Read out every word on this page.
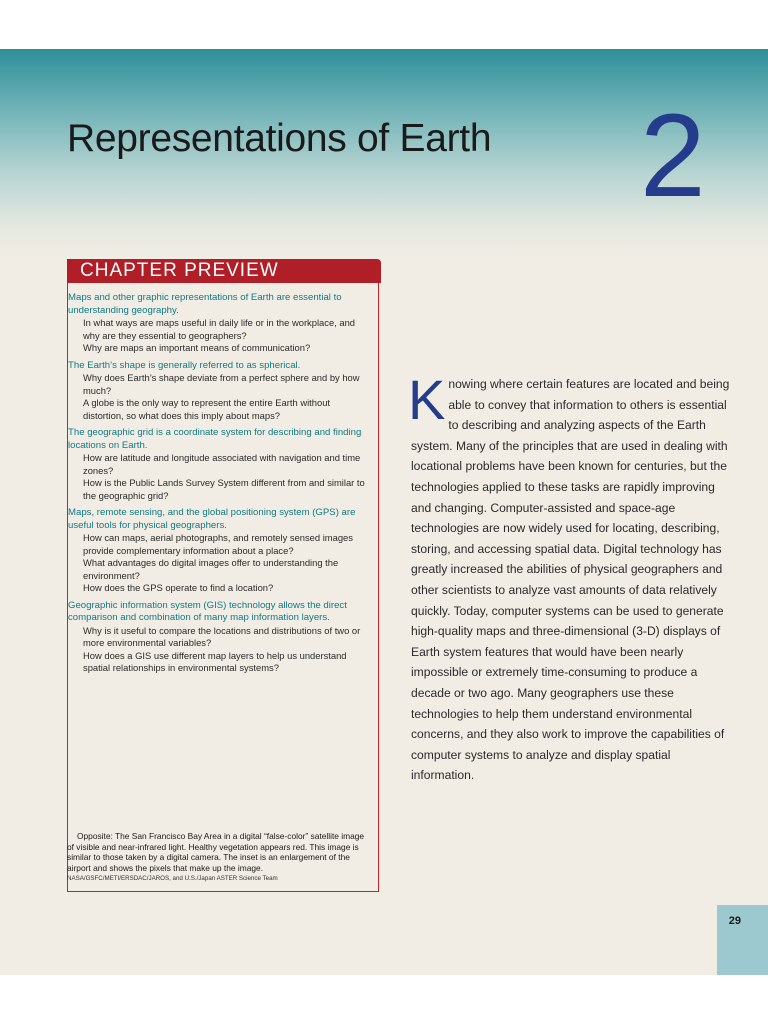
Representations of Earth 2
CHAPTER PREVIEW
Maps and other graphic representations of Earth are essential to understanding geography.
In what ways are maps useful in daily life or in the workplace, and why are they essential to geographers?
Why are maps an important means of communication?
The Earth’s shape is generally referred to as spherical.
Why does Earth’s shape deviate from a perfect sphere and by how much?
A globe is the only way to represent the entire Earth without distortion, so what does this imply about maps?
The geographic grid is a coordinate system for describing and finding locations on Earth.
How are latitude and longitude associated with navigation and time zones?
How is the Public Lands Survey System different from and similar to the geographic grid?
Maps, remote sensing, and the global positioning system (GPS) are useful tools for physical geographers.
How can maps, aerial photographs, and remotely sensed images provide complementary information about a place?
What advantages do digital images offer to understanding the environment?
How does the GPS operate to find a location?
Geographic information system (GIS) technology allows the direct comparison and combination of many map information layers.
Why is it useful to compare the locations and distributions of two or more environmental variables?
How does a GIS use different map layers to help us understand spatial relationships in environmental systems?
Opposite: The San Francisco Bay Area in a digital “false-color” satellite image of visible and near-infrared light. Healthy vegetation appears red. This image is similar to those taken by a digital camera. The inset is an enlargement of the airport and shows the pixels that make up the image.
NASA/GSFC/METI/ERSDAC/JAROS, and U.S./Japan ASTER Science Team
Knowing where certain features are located and being able to convey that information to others is essential to describing and analyzing aspects of the Earth system. Many of the principles that are used in dealing with locational problems have been known for centuries, but the technologies applied to these tasks are rapidly improving and changing. Computer-assisted and space-age technologies are now widely used for locating, describing, storing, and accessing spatial data. Digital technology has greatly increased the abilities of physical geographers and other scientists to analyze vast amounts of data relatively quickly. Today, computer systems can be used to generate high-quality maps and three-dimensional (3-D) displays of Earth system features that would have been nearly impossible or extremely time-consuming to produce a decade or two ago. Many geographers use these technologies to help them understand environmental concerns, and they also work to improve the capabilities of computer systems to analyze and display spatial information.
29
